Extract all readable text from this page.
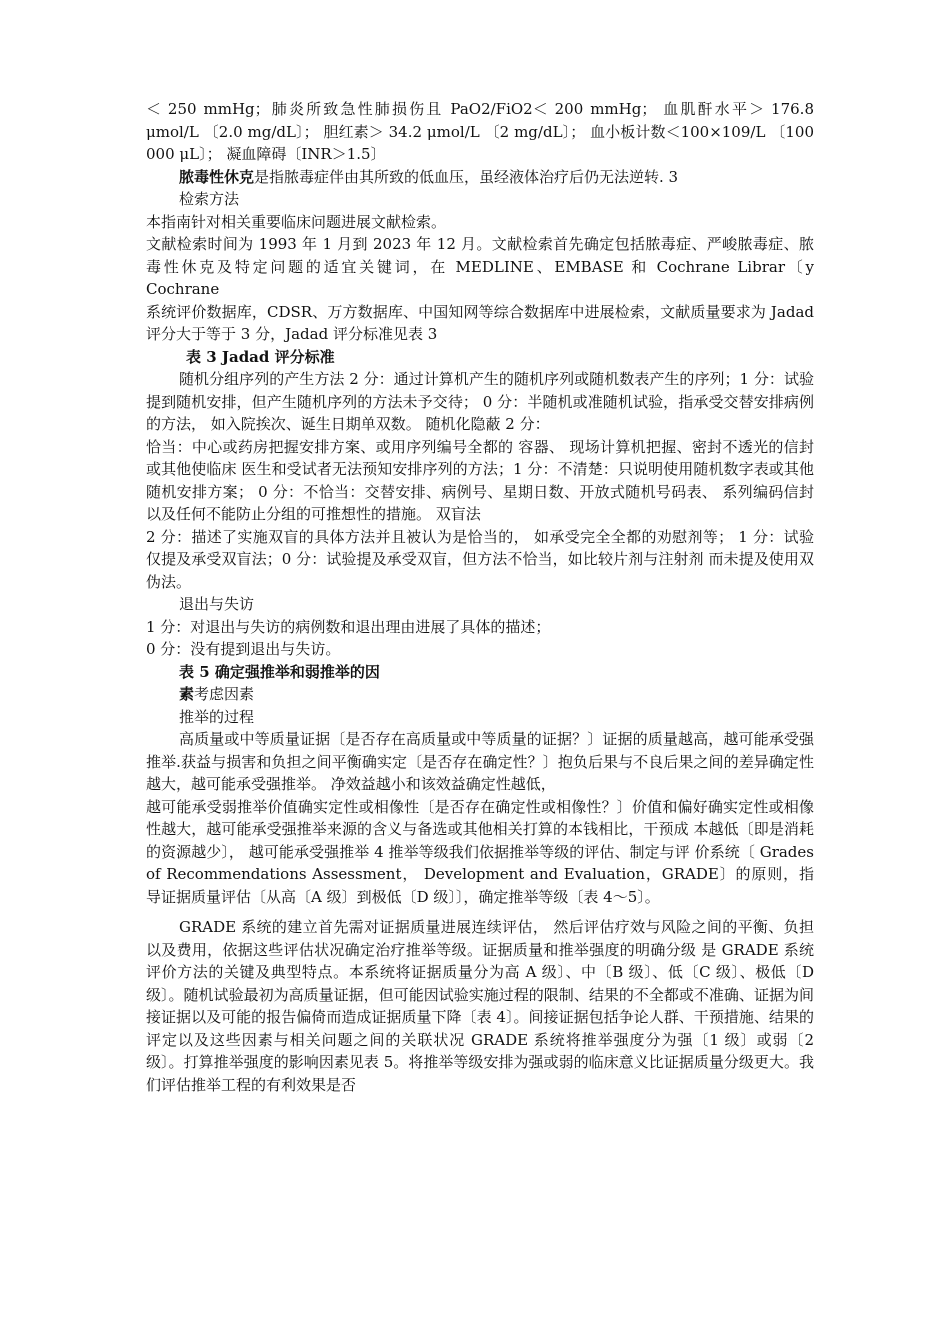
＜ 250 mmHg；肺炎所致急性肺损伤且 PaO2/FiO2＜ 200 mmHg； 血肌酐水平＞ 176.8 μmol/L 〔2.0 mg/dL〕； 胆红素＞ 34.2 μmol/L 〔2 mg/dL〕； 血小板计数＜100×109/L 〔100 000 μL〕； 凝血障碍〔INR＞1.5〕

脓毒性休克是指脓毒症伴由其所致的低血压，虽经液体治疗后仍无法逆转. 3

检索方法

本指南针对相关重要临床问题进展文献检索。

文献检索时间为 1993 年 1 月到 2023 年 12 月。文献检索首先确定包括脓毒症、严峻脓毒症、脓毒性休克及特定问题的适宜关键词，在 MEDLINE、EMBASE 和 Cochrane Librar〔y Cochrane

系统评价数据库，CDSR、万方数据库、中国知网等综合数据库中进展检索，文献质量要求为 Jadad 评分大于等于 3 分，Jadad 评分标准见表 3

表 3 Jadad 评分标准

随机分组序列的产生方法 2 分：通过计算机产生的随机序列或随机数表产生的序列；1 分：试验提到随机安排，但产生随机序列的方法未予交待； 0 分：半随机或准随机试验，指承受交替安排病例的方法， 如入院挨次、诞生日期单双数。 随机化隐蔽 2 分：

恰当：中心或药房把握安排方案、或用序列编号全都的 容器、 现场计算机把握、密封不透光的信封或其他使临床 医生和受试者无法预知安排序列的方法；1 分：不清楚：只说明使用随机数字表或其他随机安排方案； 0 分：不恰当：交替安排、病例号、星期日数、开放式随机号码表、 系列编码信封以及任何不能防止分组的可推想性的措施。 双盲法

2 分：描述了实施双盲的具体方法并且被认为是恰当的， 如承受完全全都的劝慰剂等； 1 分：试验仅提及承受双盲法；0 分：试验提及承受双盲，但方法不恰当，如比较片剂与注射剂 而未提及使用双伪法。

退出与失访

1 分：对退出与失访的病例数和退出理由进展了具体的描述；

0 分：没有提到退出与失访。

表 5 确定强推举和弱推举的因

素考虑因素

推举的过程

高质量或中等质量证据〔是否存在高质量或中等质量的证据？〕证据的质量越高，越可能承受强推举.获益与损害和负担之间平衡确实定〔是否存在确定性？〕抱负后果与不良后果之间的差异确定性越大，越可能承受强推举。 净效益越小和该效益确定性越低，

越可能承受弱推举价值确实定性或相像性〔是否存在确定性或相像性？〕价值和偏好确实定性或相像性越大，越可能承受强推举来源的含义与备选或其他相关打算的本钱相比，干预成 本越低〔即是消耗的资源越少〕， 越可能承受强推举 4 推举等级我们依据推举等级的评估、制定与评 价系统〔 Grades of Recommendations Assessment， Development and Evaluation，GRADE〕的原则，指导证据质量评估〔从高〔A 级〕到极低〔D 级〕〕，确定推举等级〔表 4～5〕。

GRADE 系统的建立首先需对证据质量进展连续评估， 然后评估疗效与风险之间的平衡、负担以及费用，依据这些评估状况确定治疗推举等级。证据质量和推举强度的明确分级 是 GRADE 系统评价方法的关键及典型特点。本系统将证据质量分为高 A 级〕、中〔B 级〕、低〔C 级〕、极低〔D 级〕。随机试验最初为高质量证据，但可能因试验实施过程的限制、结果的不全都或不准确、证据为间接证据以及可能的报告偏倚而造成证据质量下降〔表 4〕。间接证据包括争论人群、干预措施、结果的评定以及这些因素与相关问题之间的关联状况 GRADE 系统将推举强度分为强〔1 级〕或弱〔2 级〕。打算推举强度的影响因素见表 5。将推举等级安排为强或弱的临床意义比证据质量分级更大。我们评估推举工程的有利效果是否
